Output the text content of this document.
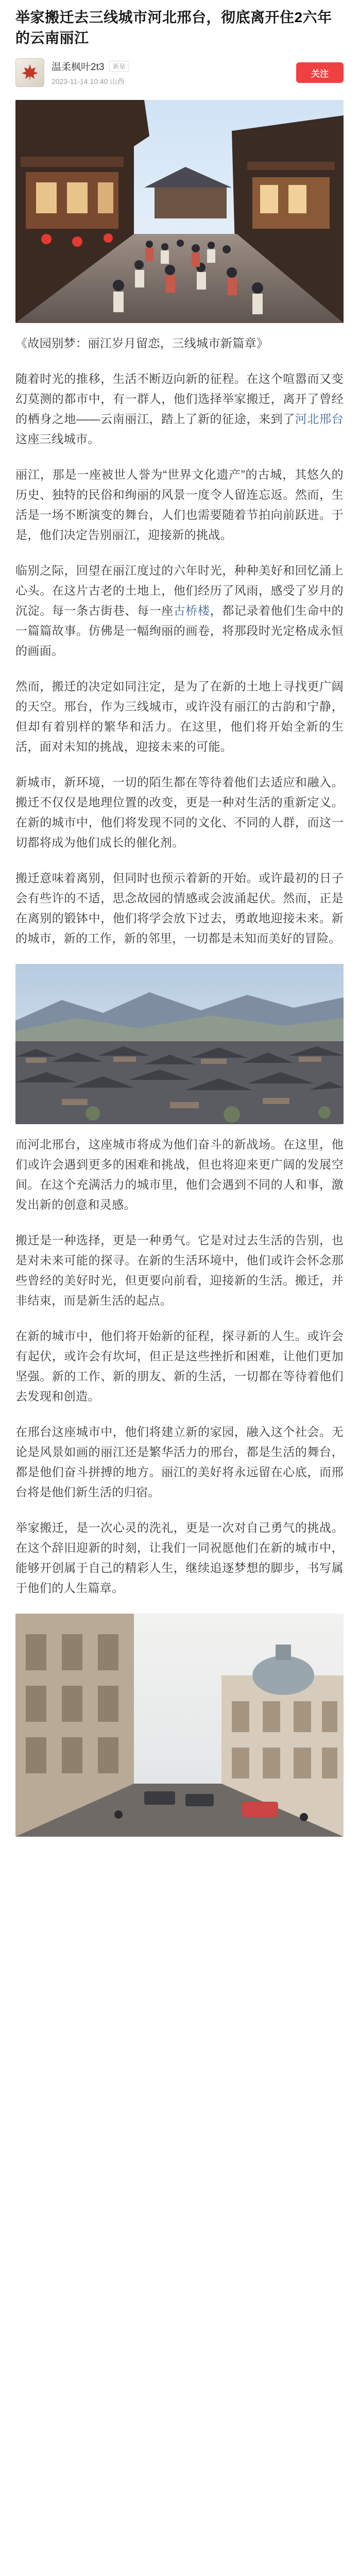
举家搬迁去三线城市河北邢台，彻底离开住2六年的云南丽江
温柔枫叶2t3	新星
2023-11-14 10:40 山西
关注

《故园别梦：丽江岁月留恋，三线城市新篇章》

随着时光的推移，生活不断迈向新的征程。在这个喧嚣而又变幻莫测的都市中，有一群人，他们选择举家搬迁，离开了曾经的栖身之地——云南丽江，踏上了新的征途，来到了河北邢台这座三线城市。

丽江，那是一座被世人誉为“世界文化遗产”的古城，其悠久的历史、独特的民俗和绚丽的风景一度令人留连忘返。然而，生活是一场不断演变的舞台，人们也需要随着节拍向前跃进。于是，他们决定告别丽江，迎接新的挑战。

临别之际，回望在丽江度过的六年时光，种种美好和回忆涌上心头。在这片古老的土地上，他们经历了风雨，感受了岁月的沉淀。每一条古街巷、每一座古桥楼，都记录着他们生命中的一篇篇故事。仿佛是一幅绚丽的画卷，将那段时光定格成永恒的画面。

然而，搬迁的决定如同注定，是为了在新的土地上寻找更广阔的天空。邢台，作为三线城市，或许没有丽江的古韵和宁静，但却有着别样的繁华和活力。在这里，他们将开始全新的生活，面对未知的挑战，迎接未来的可能。

新城市，新环境，一切的陌生都在等待着他们去适应和融入。搬迁不仅仅是地理位置的改变，更是一种对生活的重新定义。在新的城市中，他们将发现不同的文化、不同的人群，而这一切都将成为他们成长的催化剂。

搬迁意味着离别，但同时也预示着新的开始。或许最初的日子会有些许的不适，思念故园的情感或会波涌起伏。然而，正是在离别的锻钵中，他们将学会放下过去，勇敢地迎接未来。新的城市，新的工作，新的邻里，一切都是未知而美好的冒险。

而河北邢台，这座城市将成为他们奋斗的新战场。在这里，他们或许会遇到更多的困难和挑战，但也将迎来更广阔的发展空间。在这个充满活力的城市里，他们会遇到不同的人和事，激发出新的创意和灵感。

搬迁是一种选择，更是一种勇气。它是对过去生活的告别，也是对未来可能的探寻。在新的生活环境中，他们或许会怀念那些曾经的美好时光，但更要向前看，迎接新的生活。搬迁，并非结束，而是新生活的起点。

在新的城市中，他们将开始新的征程，探寻新的人生。或许会有起伏，或许会有坎坷，但正是这些挫折和困难，让他们更加坚强。新的工作、新的朋友、新的生活，一切都在等待着他们去发现和创造。

在邢台这座城市中，他们将建立新的家园，融入这个社会。无论是风景如画的丽江还是繁华活力的邢台，都是生活的舞台，都是他们奋斗拼搏的地方。丽江的美好将永远留在心底，而邢台将是他们新生活的归宿。

举家搬迁，是一次心灵的洗礼，更是一次对自己勇气的挑战。在这个辞旧迎新的时刻，让我们一同祝愿他们在新的城市中，能够开创属于自己的精彩人生，继续追逐梦想的脚步，书写属于他们的人生篇章。
